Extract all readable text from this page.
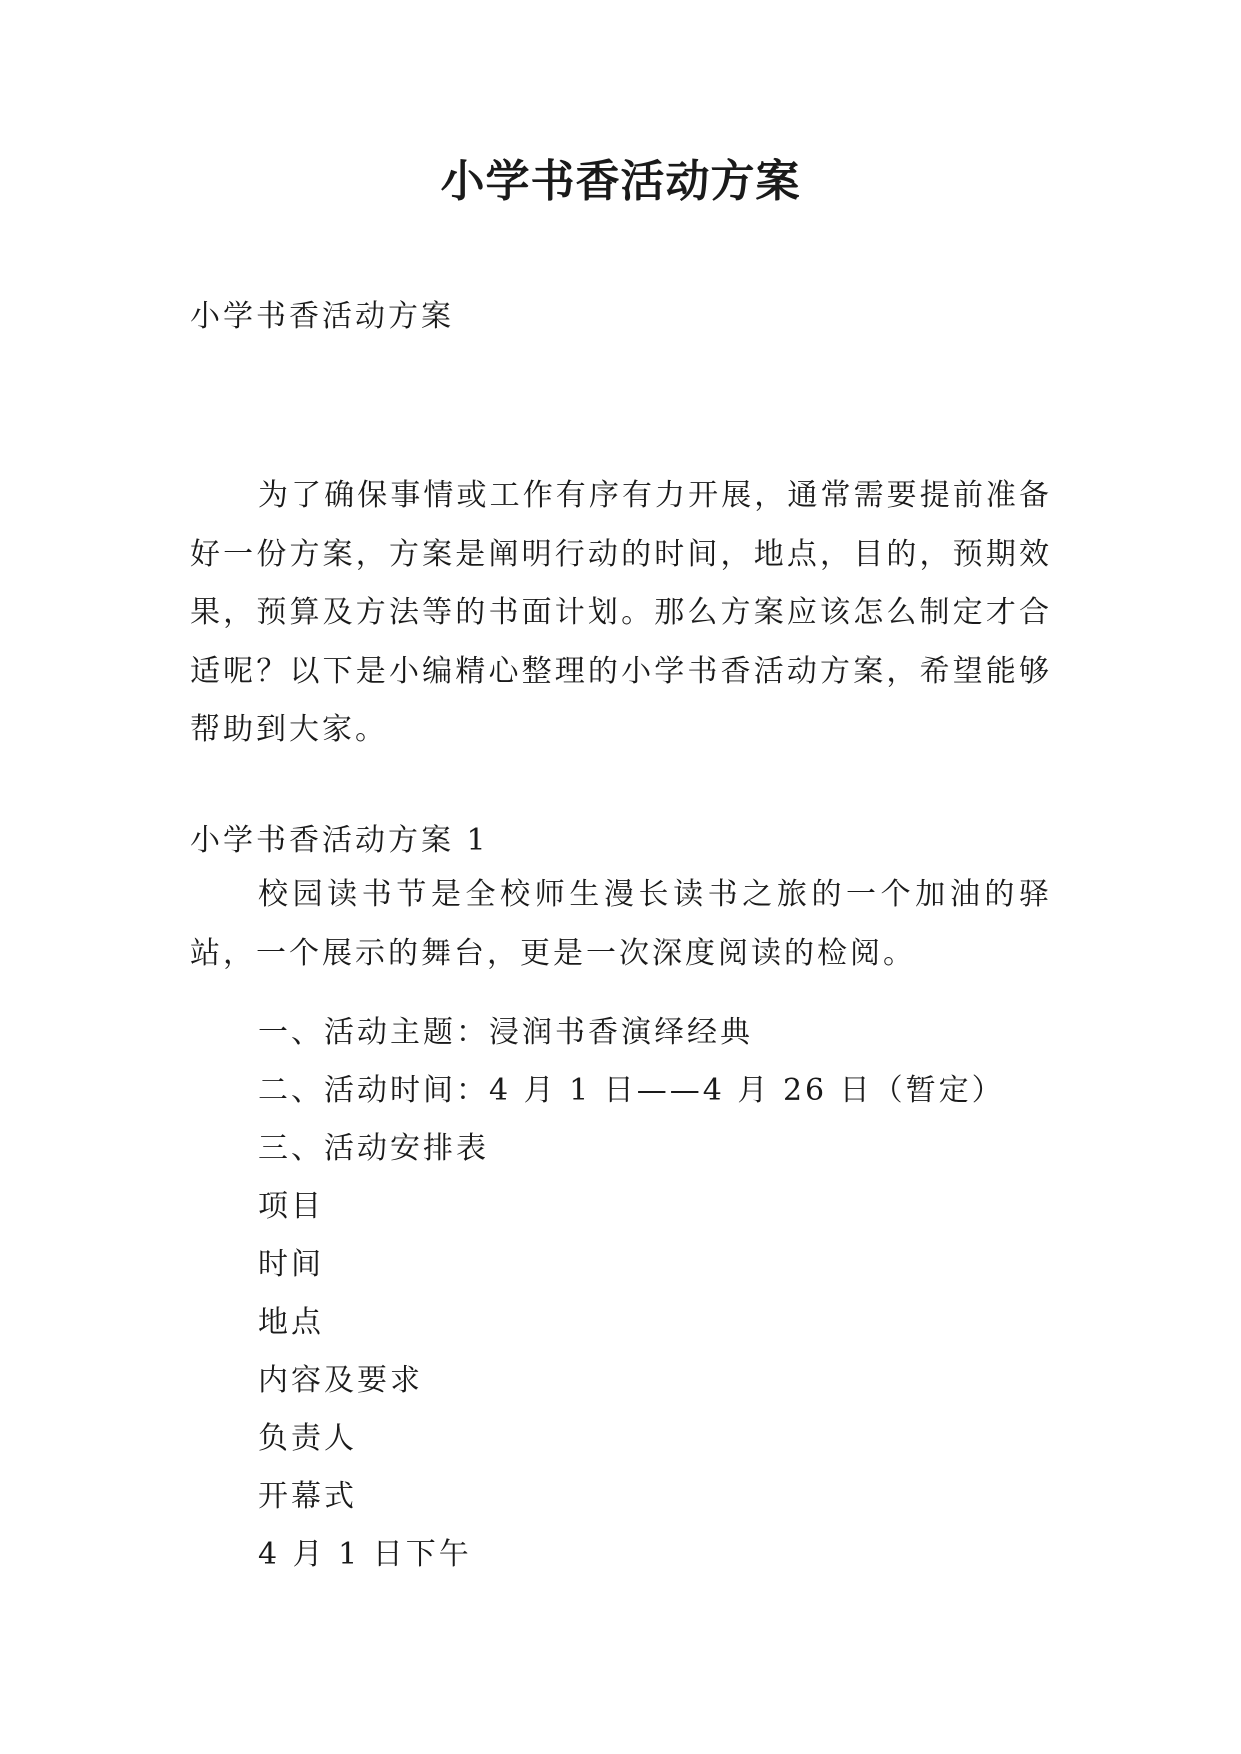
小学书香活动方案
小学书香活动方案
为了确保事情或工作有序有力开展，通常需要提前准备好一份方案，方案是阐明行动的时间，地点，目的，预期效果，预算及方法等的书面计划。那么方案应该怎么制定才合适呢？以下是小编精心整理的小学书香活动方案，希望能够帮助到大家。
小学书香活动方案 1
校园读书节是全校师生漫长读书之旅的一个加油的驿站，一个展示的舞台，更是一次深度阅读的检阅。
一、活动主题：浸润书香演绎经典
二、活动时间：4 月 1 日——4 月 26 日（暂定）
三、活动安排表
项目
时间
地点
内容及要求
负责人
开幕式
4 月 1 日下午
